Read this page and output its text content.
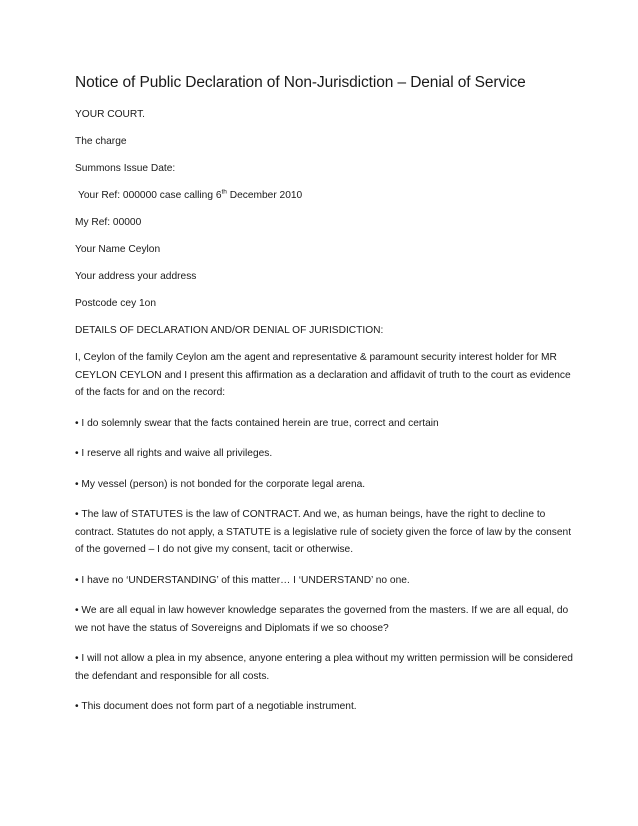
Notice of Public Declaration of Non-Jurisdiction – Denial of Service

YOUR COURT.

The charge

Summons Issue Date:

Your Ref: 000000 case calling 6th December 2010

My Ref: 00000

Your Name Ceylon

Your address your address

Postcode cey 1on

DETAILS OF DECLARATION AND/OR DENIAL OF JURISDICTION:

I, Ceylon of the family Ceylon am the agent and representative & paramount security interest holder for MR CEYLON CEYLON and I present this affirmation as a declaration and affidavit of truth to the court as evidence of the facts for and on the record:

• I do solemnly swear that the facts contained herein are true, correct and certain

• I reserve all rights and waive all privileges.

• My vessel (person) is not bonded for the corporate legal arena.

• The law of STATUTES is the law of CONTRACT. And we, as human beings, have the right to decline to contract. Statutes do not apply, a STATUTE is a legislative rule of society given the force of law by the consent of the governed – I do not give my consent, tacit or otherwise.

• I have no ‘UNDERSTANDING’ of this matter… I ‘UNDERSTAND’ no one.

• We are all equal in law however knowledge separates the governed from the masters. If we are all equal, do we not have the status of Sovereigns and Diplomats if we so choose?

• I will not allow a plea in my absence, anyone entering a plea without my written permission will be considered the defendant and responsible for all costs.

• This document does not form part of a negotiable instrument.
